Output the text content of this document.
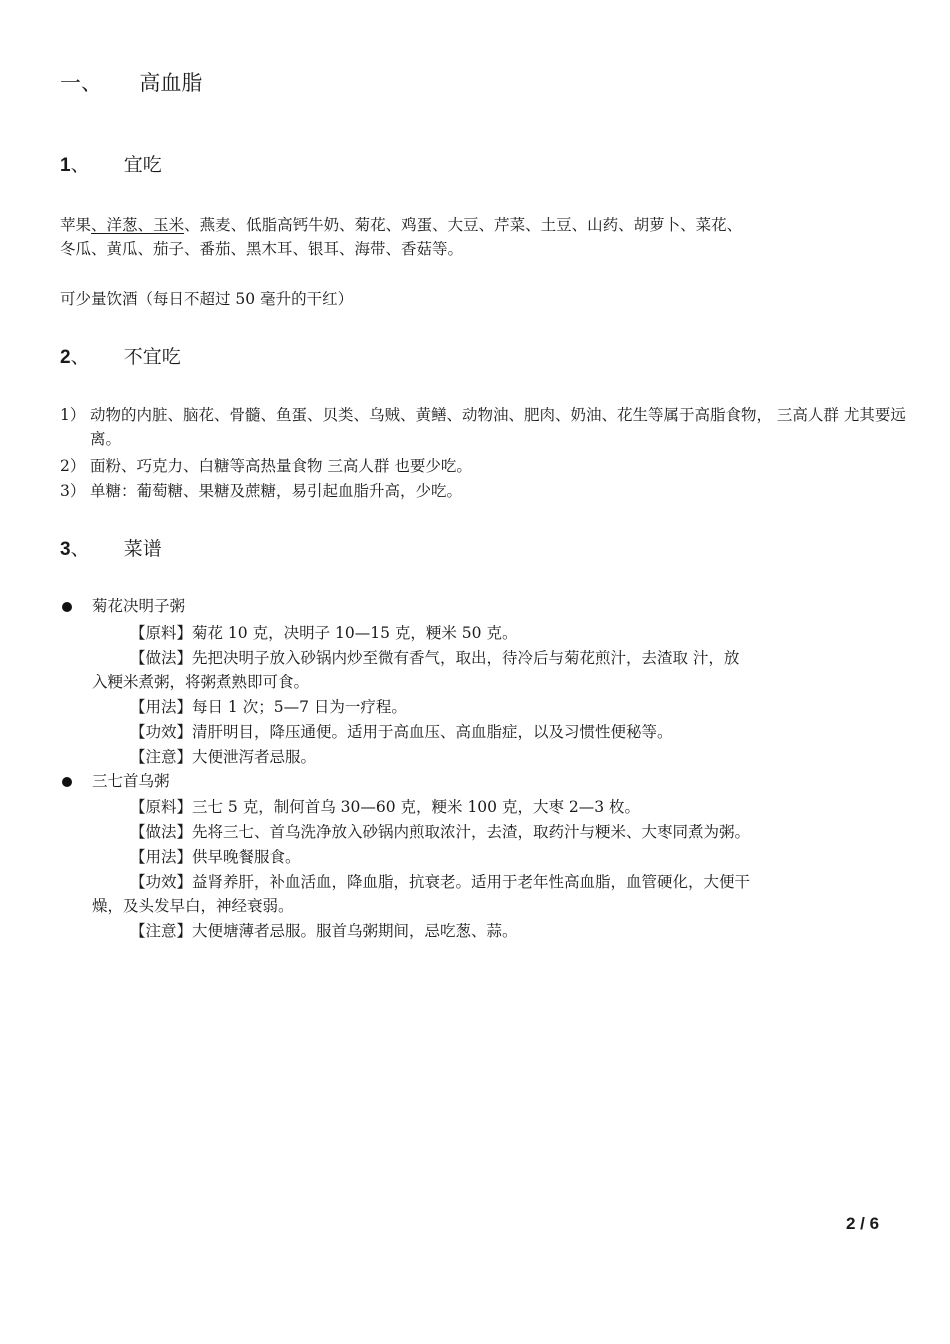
一、 高血脂
1、 宜吃
苹果、洋葱、玉米、燕麦、低脂高钙牛奶、菊花、鸡蛋、大豆、芹菜、土豆、山药、胡萝卜、菜花、
冬瓜、黄瓜、茄子、番茄、黑木耳、银耳、海带、香菇等。
可少量饮酒（每日不超过 50 毫升的干红）
2、 不宜吃
1） 动物的内脏、脑花、骨髓、鱼蛋、贝类、乌贼、黄鳝、动物油、肥肉、奶油、花生等属于高脂食物， 三高人群 尤其要远离。
2） 面粉、巧克力、白糖等高热量食物 三高人群 也要少吃。
3） 单糖：葡萄糖、果糖及蔗糖，易引起血脂升高，少吃。
3、 菜谱
菊花决明子粥
【原料】菊花 10 克，决明子 10—15 克，粳米 50 克。
【做法】先把决明子放入砂锅内炒至微有香气，取出，待冷后与菊花煎汁，去渣取 汁，放
入粳米煮粥，将粥煮熟即可食。
【用法】每日 1 次；5—7 日为一疗程。
【功效】清肝明目，降压通便。适用于高血压、高血脂症，以及习惯性便秘等。
【注意】大便泄泻者忌服。
三七首乌粥
【原料】三七 5 克，制何首乌 30—60 克，粳米 100 克，大枣 2—3 枚。
【做法】先将三七、首乌洗净放入砂锅内煎取浓汁，去渣，取药汁与粳米、大枣同煮为粥。
【用法】供早晚餐服食。
【功效】益肾养肝，补血活血，降血脂，抗衰老。适用于老年性高血脂，血管硬化，大便干
燥，及头发早白，神经衰弱。
【注意】大便塘薄者忌服。服首乌粥期间，忌吃葱、蒜。
2 / 6
